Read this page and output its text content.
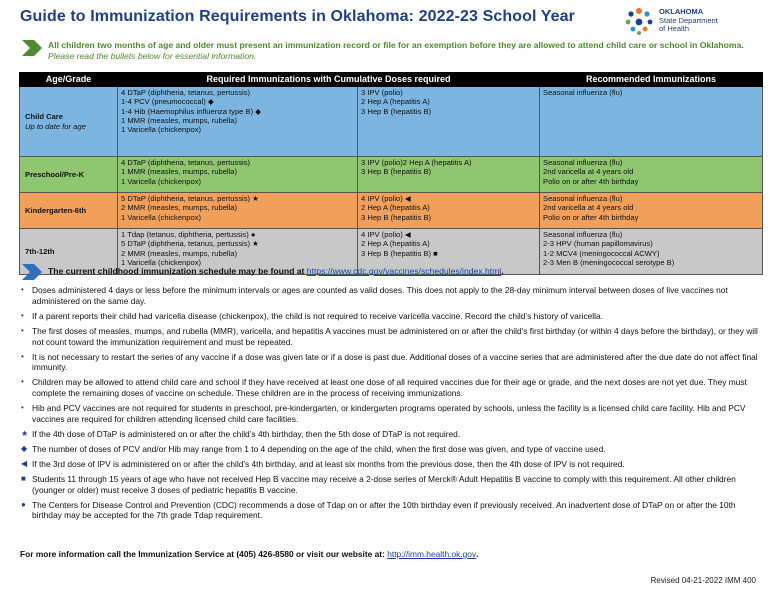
Guide to Immunization Requirements in Oklahoma: 2022-23 School Year	OKLAHOMA
State Department
of Health
All children two months of age and older must present an immunization record or file for an exemption before they are allowed to attend child care or school in Oklahoma. Please read the bullets below for essential information.
Age/Grade	Required Immunizations with Cumulative Doses required		Recommended Immunizations
Child Care
Up to date for age	4 DTaP (diphtheria, tetanus, pertussis)
1-4 PCV (pneumococcal) ◆
1-4 Hib (Haemophilus influenza type B) ◆
1 MMR (measles, mumps, rubella)
1 Varicella (chickenpox)	3 IPV (polio)
2 Hep A (hepatitis A)
3 Hep B (hepatitis B)	Seasonal influenza (flu)

Preschool/Pre-K	4 DTaP (diphtheria, tetanus, pertussis)
1 MMR (measles, mumps, rubella)
1 Varicella (chickenpox)	3 IPV (polio)2 Hep A (hepatitis A)
3 Hep B (hepatitis B)	Seasonal influenza (flu)
2nd varicella at 4 years old
Polio on or after 4th birthday

Kindergarten-6th	5 DTaP (diphtheria, tetanus, pertussis) ★
2 MMR (measles, mumps, rubella)
1 Varicella (chickenpox)	4 IPV (polio) ◀
2 Hep A (hepatitis A)
3 Hep B (hepatitis B)	Seasonal influenza (flu)
2nd varicella at 4 years old
Polio on or after 4th birthday

7th-12th	1 Tdap (tetanus, diphtheria, pertussis) ●
5 DTaP (diphtheria, tetanus, pertussis) ★
2 MMR (measles, mumps, rubella)
1 Varicella (chickenpox)	4 IPV (polio) ◀
2 Hep A (hepatitis A)
3 Hep B (hepatitis B) ■	Seasonal influenza (flu)
2-3 HPV (human papillomavirus)
1-2 MCV4 (meningococcal ACWY)
2-3 Men B (meningococcal serotype B)
The current childhood immunization schedule may be found at https://www.cdc.gov/vaccines/schedules/index.html.
• Doses administered 4 days or less before the minimum intervals or ages are counted as valid doses. This does not apply to the 28-day minimum interval between doses of live vaccines not administered on the same day.
• If a parent reports their child had varicella disease (chickenpox), the child is not required to receive varicella vaccine. Record the child’s history of varicella.
• The first doses of measles, mumps, and rubella (MMR), varicella, and hepatitis A vaccines must be administered on or after the child's first birthday (or within 4 days before the birthday), or they will not count toward the immunization requirement and must be repeated.
• It is not necessary to restart the series of any vaccine if a dose was given late or if a dose is past due. Additional doses of a vaccine series that are administered after the due date do not affect final immunity.
• Children may be allowed to attend child care and school if they have received at least one dose of all required vaccines due for their age or grade, and the next doses are not yet due. They must complete the remaining doses of vaccine on schedule. These children are in the process of receiving immunizations.
• Hib and PCV vaccines are not required for students in preschool, pre-kindergarten, or kindergarten programs operated by schools, unless the facility is a licensed child care facility. Hib and PCV vaccines are required for children attending licensed child care facilities.
★ If the 4th dose of DTaP is administered on or after the child’s 4th birthday, then the 5th dose of DTaP is not required.
◆ The number of doses of PCV and/or Hib may range from 1 to 4 depending on the age of the child, when the first dose was given, and type of vaccine used.
◀ If the 3rd dose of IPV is administered on or after the child's 4th birthday, and at least six months from the previous dose, then the 4th dose of IPV is not required.
■ Students 11 through 15 years of age who have not received Hep B vaccine may receive a 2-dose series of Merck® Adult Hepatitis B vaccine to comply with this requirement. All other children (younger or older) must receive 3 doses of pediatric hepatitis B vaccine.
● The Centers for Disease Control and Prevention (CDC) recommends a dose of Tdap on or after the 10th birthday even if previously received. An inadvertent dose of DTaP on or after the 10th birthday may be accepted for the 7th grade Tdap requirement.
For more information call the Immunization Service at (405) 426-8580 or visit our website at: http://imm.health.ok.gov.
Revised 04-21-2022 IMM 400
